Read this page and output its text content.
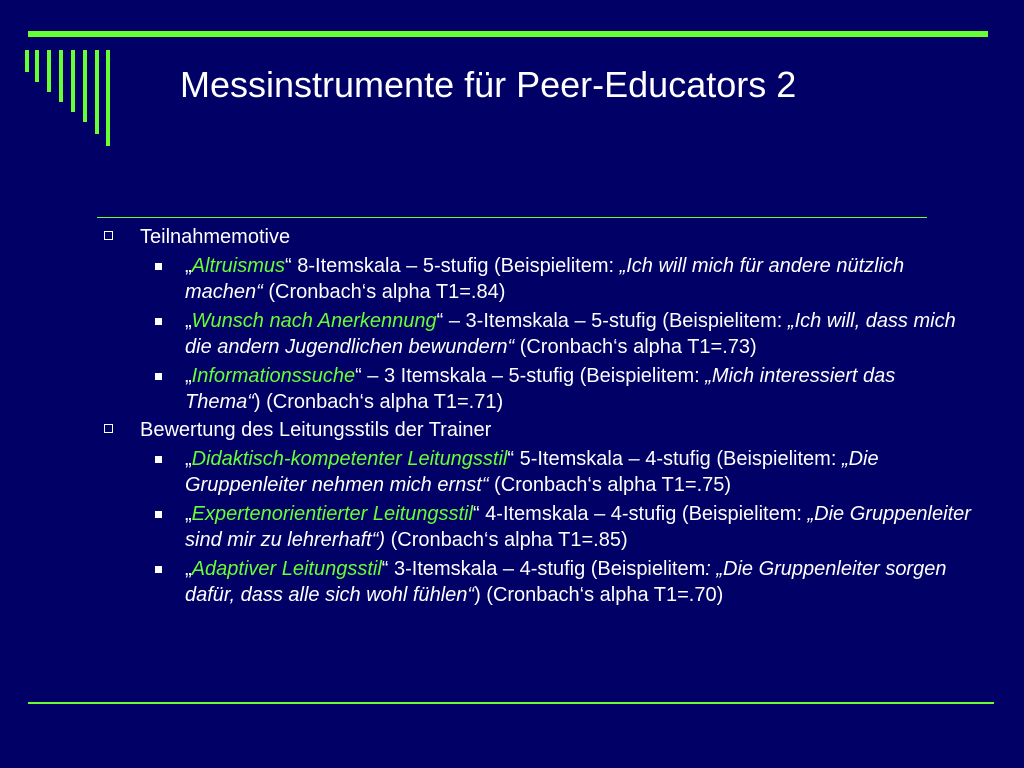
Messinstrumente für Peer-Educators 2
Teilnahmemotive
„Altruismus“ 8-Itemskala – 5-stufig (Beispielitem: „Ich will mich für andere nützlich machen“ (Cronbach‘s alpha T1=.84)
„Wunsch nach Anerkennung“ – 3-Itemskala – 5-stufig (Beispielitem: „Ich will, dass mich die andern Jugendlichen bewundern“ (Cronbach‘s alpha T1=.73)
„Informationssuche“ – 3 Itemskala – 5-stufig (Beispielitem: „Mich interessiert das Thema“) (Cronbach‘s alpha T1=.71)
Bewertung des Leitungsstils der Trainer
„Didaktisch-kompetenter Leitungsstil“ 5-Itemskala – 4-stufig (Beispielitem: „Die Gruppenleiter nehmen mich ernst“ (Cronbach‘s alpha T1=.75)
„Expertenorientierter Leitungsstil“ 4-Itemskala – 4-stufig (Beispielitem: „Die Gruppenleiter sind mir zu lehrerhaft“) (Cronbach‘s alpha T1=.85)
„Adaptiver Leitungsstil“ 3-Itemskala – 4-stufig (Beispielitem: „Die Gruppenleiter sorgen dafür, dass alle sich wohl fühlen“) (Cronbach‘s alpha T1=.70)
